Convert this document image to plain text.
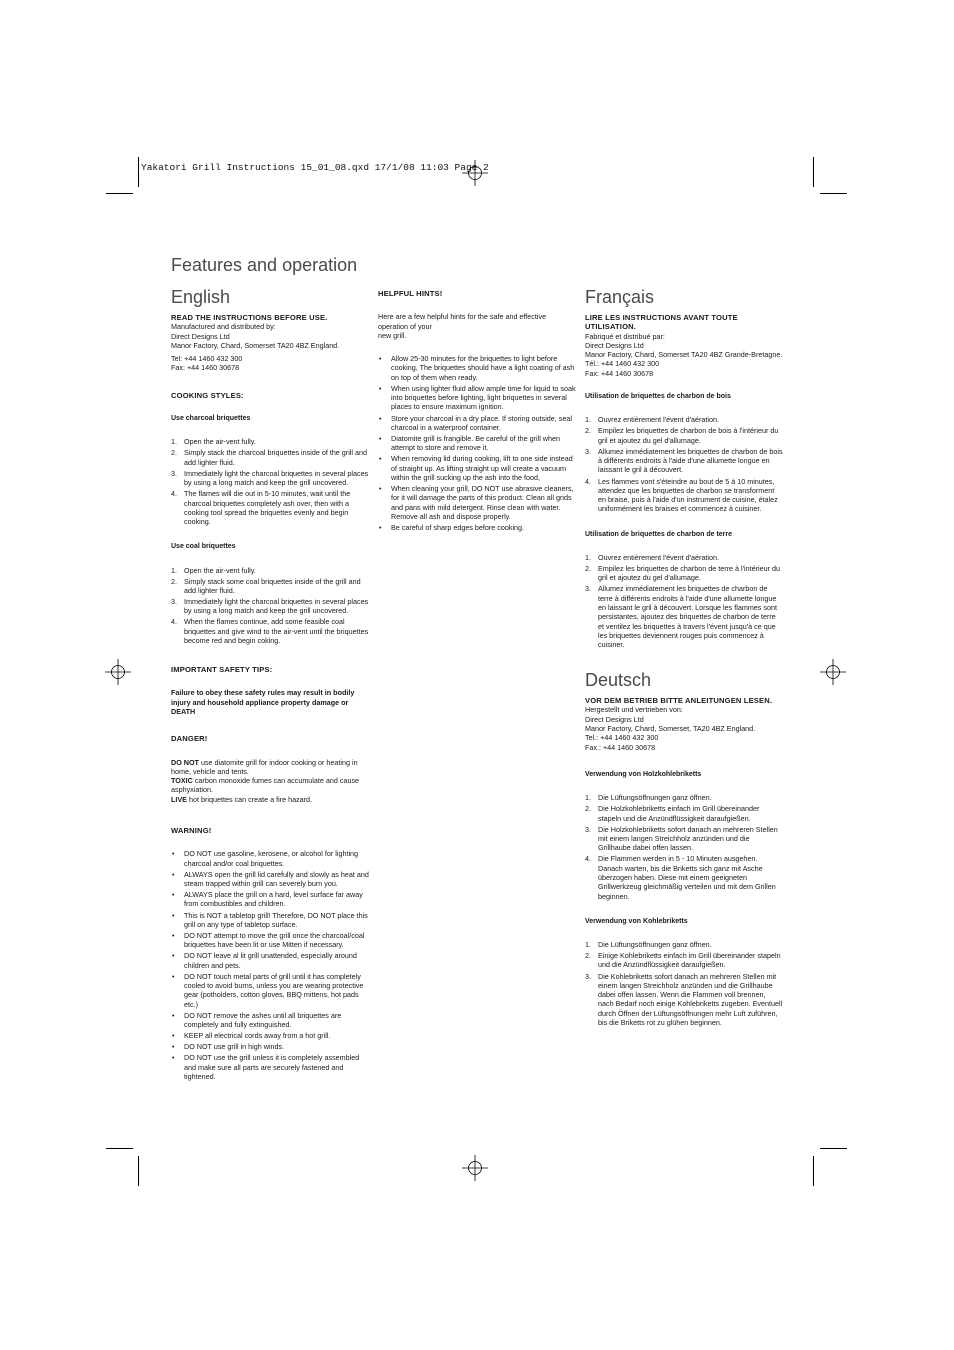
Yakatori Grill Instructions 15_01_08.qxd 17/1/08 11:03 Page 2
Features and operation
English

READ THE INSTRUCTIONS BEFORE USE.

Manufactured and distributed by:

Direct Designs Ltd

Manor Factory, Chard, Somerset TA20 4BZ England.

Tel: +44 1460 432 300

Fax: +44 1460 30678

COOKING STYLES:

Use charcoal briquettes

1. Open the air-vent fully.
2. Simply stack the charcoal briquettes inside of the grill and add lighter fluid.
3. Immediately light the charcoal briquettes in several places by using a long match and keep the grill uncovered.
4. The flames will die out in 5-10 minutes, wait until the charcoal briquettes completely ash over, then with a cooking tool spread the briquettes evenly and begin cooking.

Use coal briquettes

1. Open the air-vent fully.
2. Simply stack some coal briquettes inside of the grill and add lighter fluid.
3. Immediately light the charcoal briquettes in several places by using a long match and keep the grill uncovered.
4. When the flames continue, add some feasible coal briquettes and give wind to the air-vent until the briquettes become red and begin coking.

IMPORTANT SAFETY TIPS:

Failure to obey these safety rules may result in bodily injury and household appliance property damage or DEATH

DANGER!

DO NOT use diatomite grill for indoor cooking or heating in home, vehicle and tents.

TOXIC carbon monoxide fumes can accumulate and cause asphyxiation.

LIVE hot briquettes can create a fire hazard.

WARNING!

• DO NOT use gasoline, kerosene, or alcohol for lighting charcoal and/or coal briquettes.
• ALWAYS open the grill lid carefully and slowly as heat and steam trapped within grill can severely burn you.
• ALWAYS place the grill on a hard, level surface far away from combustibles and children.
• This is NOT a tabletop grill! Therefore, DO NOT place this grill on any type of tabletop surface.
• DO NOT attempt to move the grill once the charcoal/coal briquettes have been lit or use Mitten if necessary.
• DO NOT leave al lit grill unattended, especially around children and pets.
• DO NOT touch metal parts of grill until it has completely cooled to avoid burns, unless you are wearing protective gear (potholders, cotton gloves, BBQ mittens, hot pads etc.)
• DO NOT remove the ashes until all briquettes are completely and fully extinguished.
• KEEP all electrical cords away from a hot grill.
• DO NOT use grill in high winds.
• DO NOT use the grill unless it is completely assembled and make sure all parts are securely fastened and tightened.

HELPFUL HINTS!

Here are a few helpful hints for the safe and effective operation of your

new grill.

• Allow 25-30 minutes for the briquettes to light before cooking, The briquettes should have a light coating of ash on top of them when ready.
• When using lighter fluid allow ample time for liquid to soak into briquettes before lighting, light briquettes in several places to ensure maximum ignition.
• Store your charcoal in a dry place. If storing outside, seal charcoal in a waterproof container.
• Diatomite grill is frangible. Be careful of the grill when attempt to store and remove it.
• When removing lid during cooking, lift to one side instead of straight up. As lifting straight up will create a vacuum within the grill sucking up the ash into the food,
• When cleaning your grill, DO NOT use abrasive cleaners, for it will damage the parts of this product. Clean all grids and pans with mild detergent. Rinse clean with water. Remove all ash and dispose properly.
• Be careful of sharp edges before cooking.
Français

LIRE LES INSTRUCTIONS AVANT TOUTE UTILISATION.

Fabriqué et distribué par:

Direct Designs Ltd

Manor Factory, Chard, Somerset TA20 4BZ Grande-Bretagne.

Tél.: +44 1460 432 300

Fax: +44 1460 30678

Utilisation de briquettes de charbon de bois

1. Ouvrez entièrement l'évent d'aération.
2. Empilez les briquettes de charbon de bois à l'intérieur du gril et ajoutez du gel d'allumage.
3. Allumez immédiatement les briquettes de charbon de bois à différents endroits à l'aide d'une allumette longue en laissant le gril à découvert.
4. Les flammes vont s'éteindre au bout de 5 à 10 minutes, attendez que les briquettes de charbon se transforment en braise, puis à l'aide d'un instrument de cuisine, étalez uniformément les braises et commencez à cuisiner.

Utilisation de briquettes de charbon de terre

1. Ouvrez entièrement l'évent d'aération.
2. Empilez les briquettes de charbon de terre à l'intérieur du gril et ajoutez du gel d'allumage.
3. Allumez immédiatement les briquettes de charbon de terre à différents endroits à l'aide d'une allumette longue en laissant le gril à découvert. Lorsque les flammes sont persistantes, ajoutez des briquettes de charbon de terre et ventilez les briquettes à travers l'évent jusqu'à ce que les briquettes deviennent rouges puis commencez à cuisiner.
Deutsch

VOR DEM BETRIEB BITTE ANLEITUNGEN LESEN.

Hergestellt und vertrieben von:

Direct Designs Ltd

Manor Factory, Chard, Somerset, TA20 4BZ England.

Tel.: +44 1460 432 300

Fax.: +44 1460 30678

Verwendung von Holzkohlebriketts

1. Die Lüftungsöffnungen ganz öffnen.
2. Die Holzkohlebriketts einfach im Grill übereinander stapeln und die Anzündflüssigkeit daraufgießen.
3. Die Holzkohlebriketts sofort danach an mehreren Stellen mit einem langen Streichholz anzünden und die Grillhaube dabei offen lassen.
4. Die Flammen werden in 5 - 10 Minuten ausgehen. Danach warten, bis die Briketts sich ganz mit Asche überzogen haben. Diese mit einem geeigneten Grillwerkzeug gleichmäßig verteilen und mit dem Grillen beginnen.

Verwendung von Kohlebriketts

1. Die Lüftungsöffnungen ganz öffnen.
2. Einige Kohlebriketts einfach im Grill übereinander stapeln und die Anzündflüssigkeit daraufgießen.
3. Die Kohlebriketts sofort danach an mehreren Stellen mit einem langen Streichholz anzünden und die Grillhaube dabei offen lassen. Wenn die Flammen voll brennen, nach Bedarf noch einige Kohlebriketts zugeben. Eventuell durch Öffnen der Lüftungsöffnungen mehr Luft zuführen, bis die Briketts rot zu glühen beginnen.
